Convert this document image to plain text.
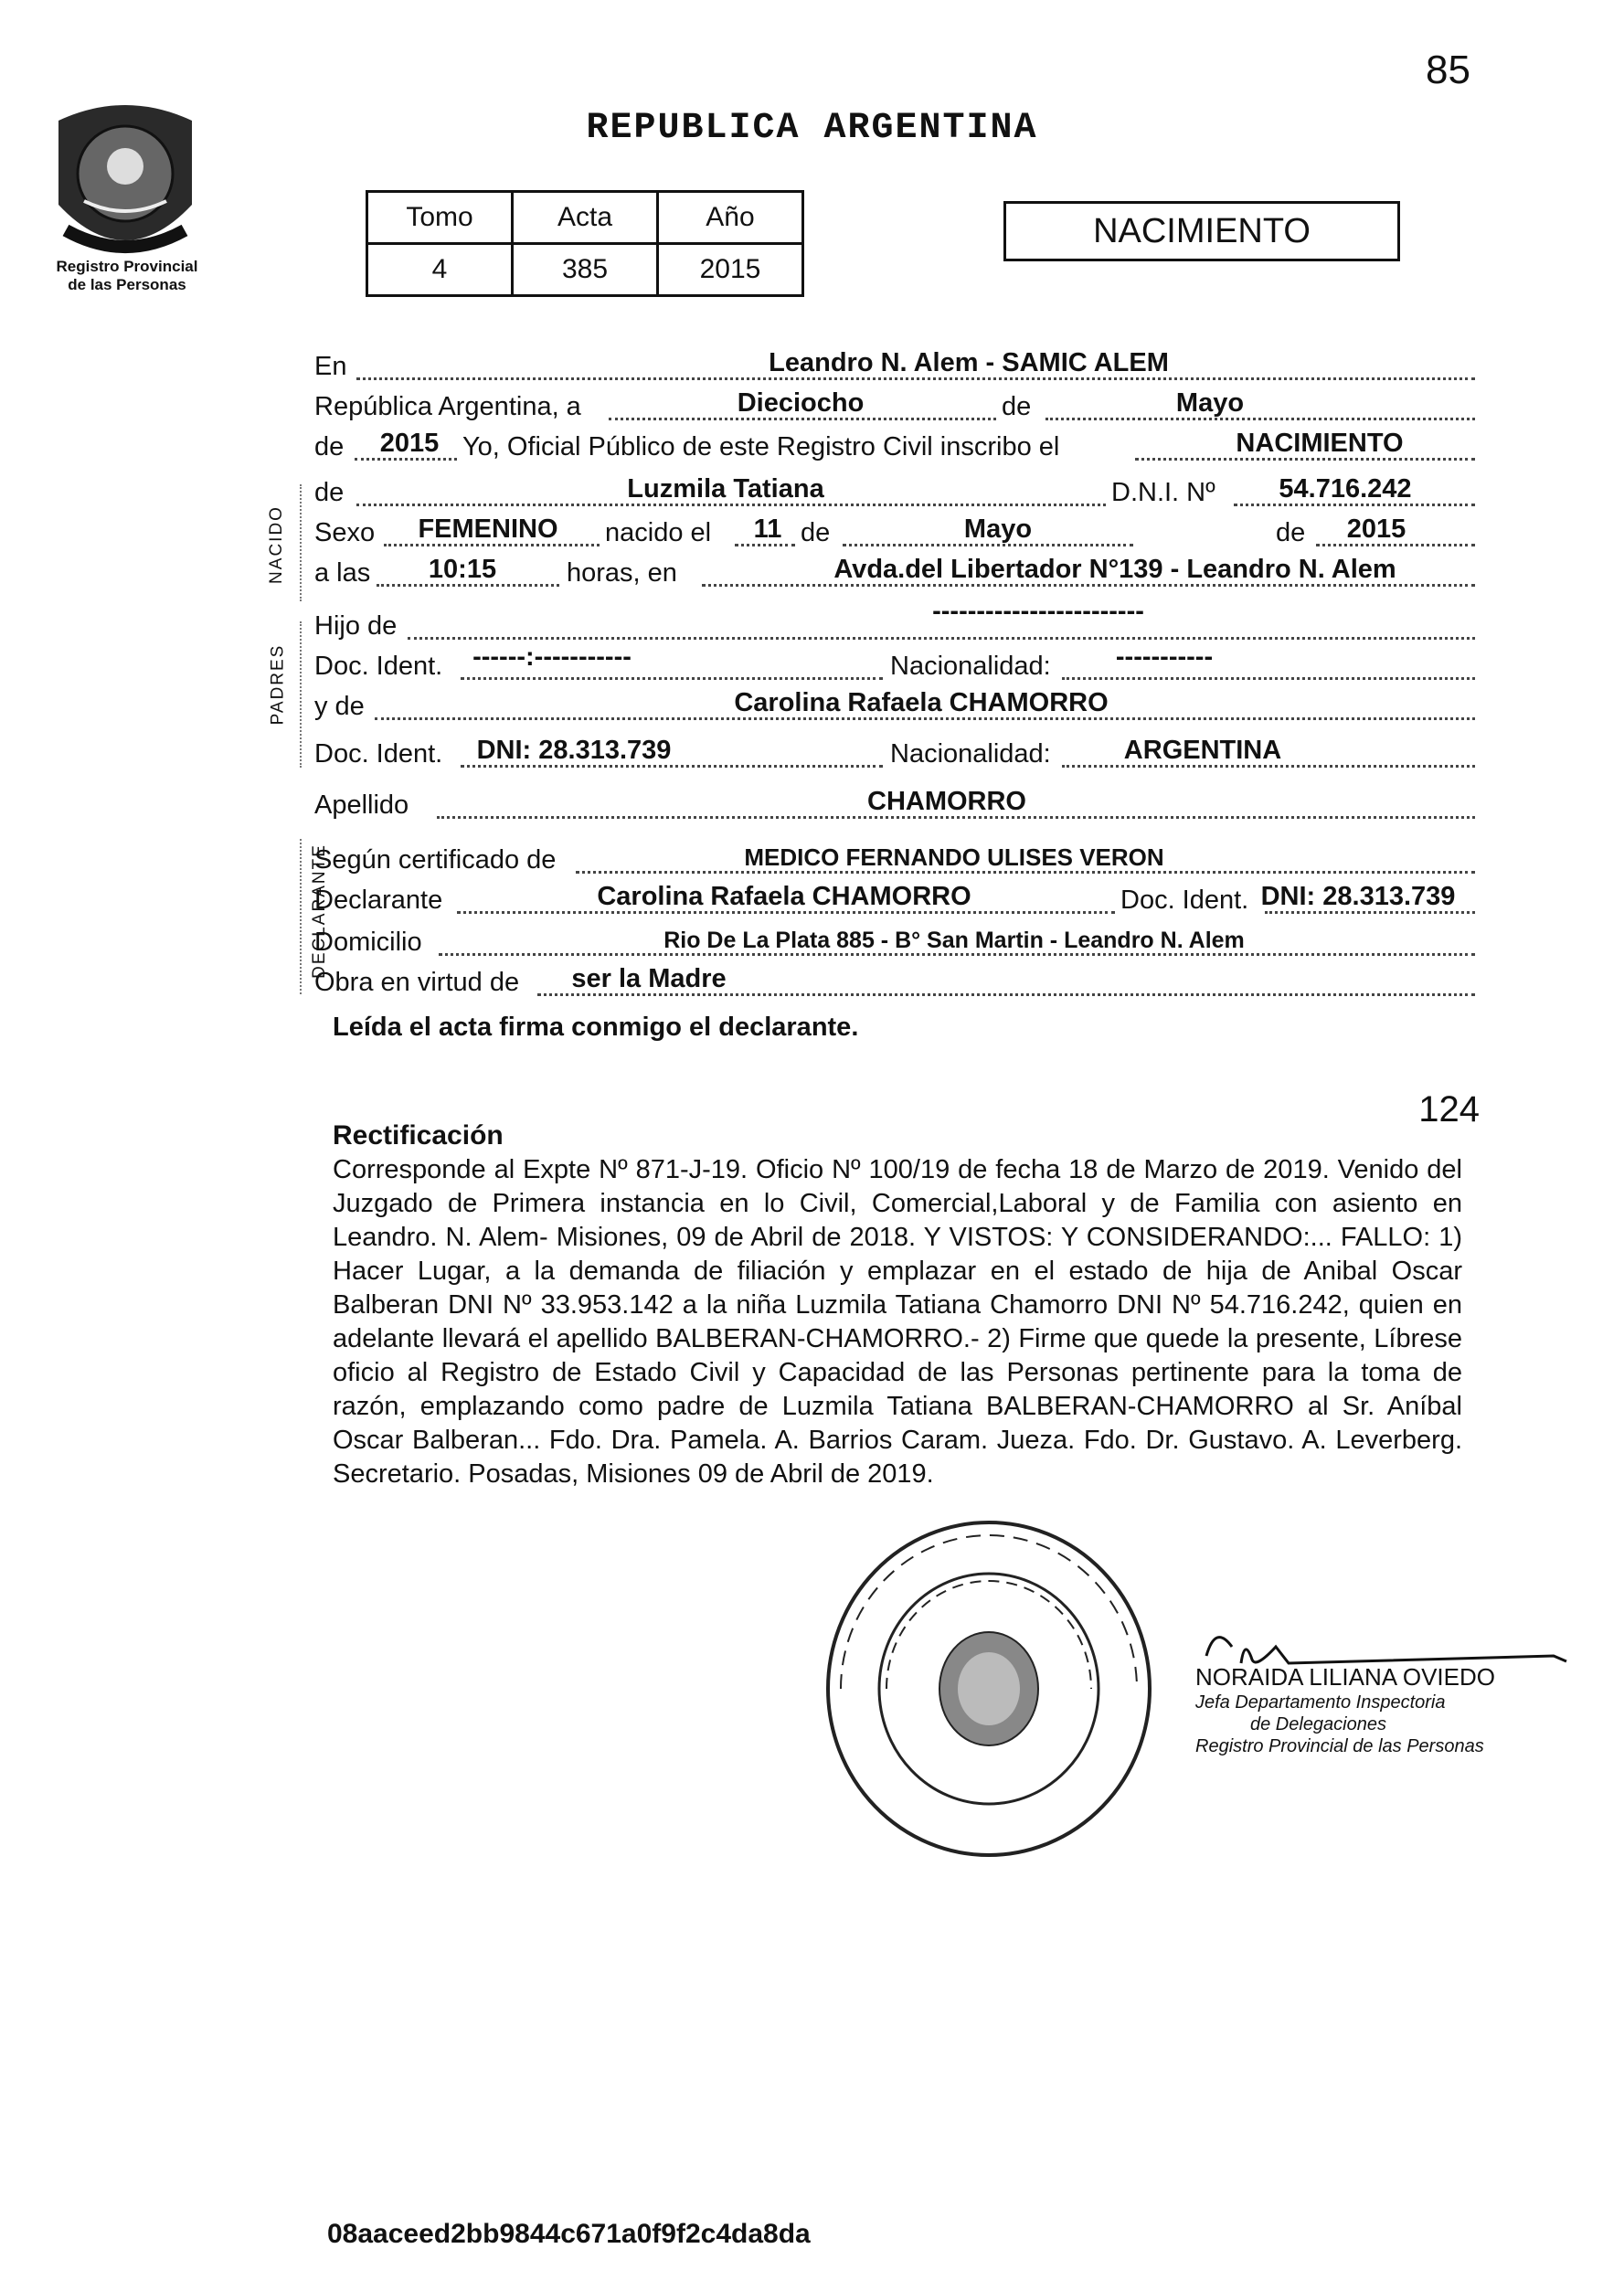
85
REPUBLICA ARGENTINA
Registro Provincial
de las Personas
Tomo	Acta	Año
4	385	2015
NACIMIENTO
NACIDO
PADRES
DECLARANTE
En	Leandro N. Alem - SAMIC ALEM
República Argentina, a	Dieciocho	de	Mayo
de 2015 Yo, Oficial Público de este Registro Civil inscribo el	NACIMIENTO
de	Luzmila Tatiana	D.N.I. Nº 54.716.242
Sexo FEMENINO nacido el 11 de	Mayo	de 2015
a las 10:15	horas, en	Avda.del Libertador N°139 - Leandro N. Alem
Hijo de	------------------------
Doc. Ident. ------:-----------	Nacionalidad: -----------
y de	Carolina Rafaela CHAMORRO
Doc. Ident. DNI: 28.313.739	Nacionalidad:	ARGENTINA
Apellido	CHAMORRO
Según certificado de	MEDICO FERNANDO ULISES VERON
Declarante	Carolina Rafaela CHAMORRO	Doc. Ident. DNI: 28.313.739
Domicilio	Rio De La Plata 885 - B° San Martin - Leandro N. Alem
Obra en virtud de ser la Madre
Leída el acta firma conmigo el declarante.
124
Rectificación
Corresponde al Expte Nº 871-J-19. Oficio Nº 100/19 de fecha 18 de Marzo de 2019. Venido del Juzgado de Primera instancia en lo Civil, Comercial,Laboral y de Familia con asiento en Leandro. N. Alem- Misiones, 09 de Abril de 2018. Y VISTOS: Y CONSIDERANDO:... FALLO: 1) Hacer Lugar, a la demanda de filiación y emplazar en el estado de hija de Anibal Oscar Balberan DNI Nº 33.953.142 a la niña Luzmila Tatiana Chamorro DNI Nº 54.716.242, quien en adelante llevará el apellido BALBERAN-CHAMORRO.- 2) Firme que quede la presente, Líbrese oficio al Registro de Estado Civil y Capacidad de las Personas pertinente para la toma de razón, emplazando como padre de Luzmila Tatiana BALBERAN-CHAMORRO al Sr. Aníbal Oscar Balberan... Fdo. Dra. Pamela. A. Barrios Caram. Jueza. Fdo. Dr. Gustavo. A. Leverberg. Secretario. Posadas, Misiones 09 de Abril de 2019.
NORAIDA LILIANA OVIEDO
Jefa Departamento Inspectoria
de Delegaciones
Registro Provincial de las Personas
08aaceed2bb9844c671a0f9f2c4da8da
